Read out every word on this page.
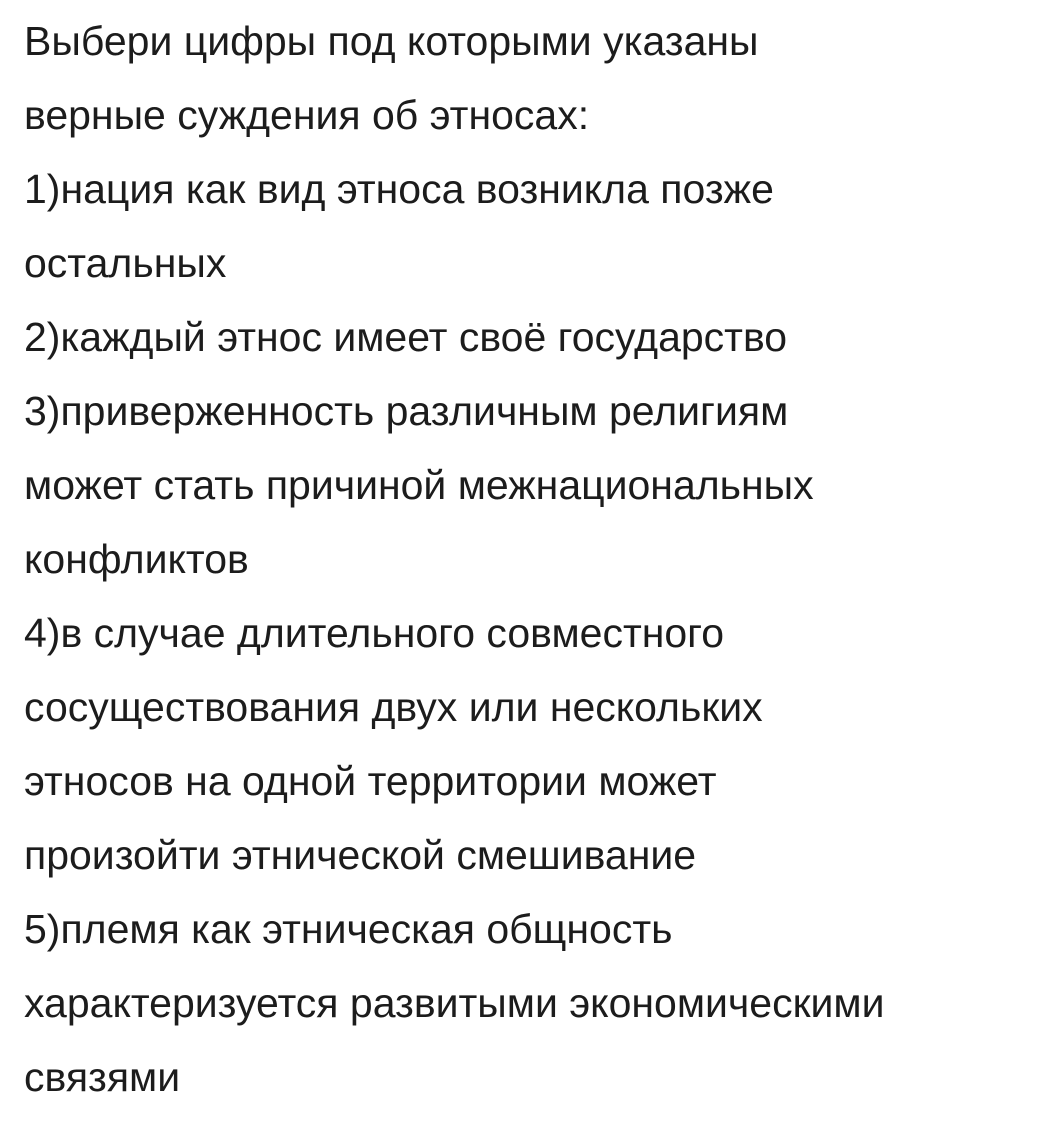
Выбери цифры под которыми указаны
верные суждения об этносах:
1)нация как вид этноса возникла позже
остальных
2)каждый этнос имеет своё государство
3)приверженность различным религиям
может стать причиной межнациональных
конфликтов
4)в случае длительного совместного
сосуществования двух или нескольких
этносов на одной территории может
произойти этнической смешивание
5)племя как этническая общность
характеризуется развитыми экономическими
связями
